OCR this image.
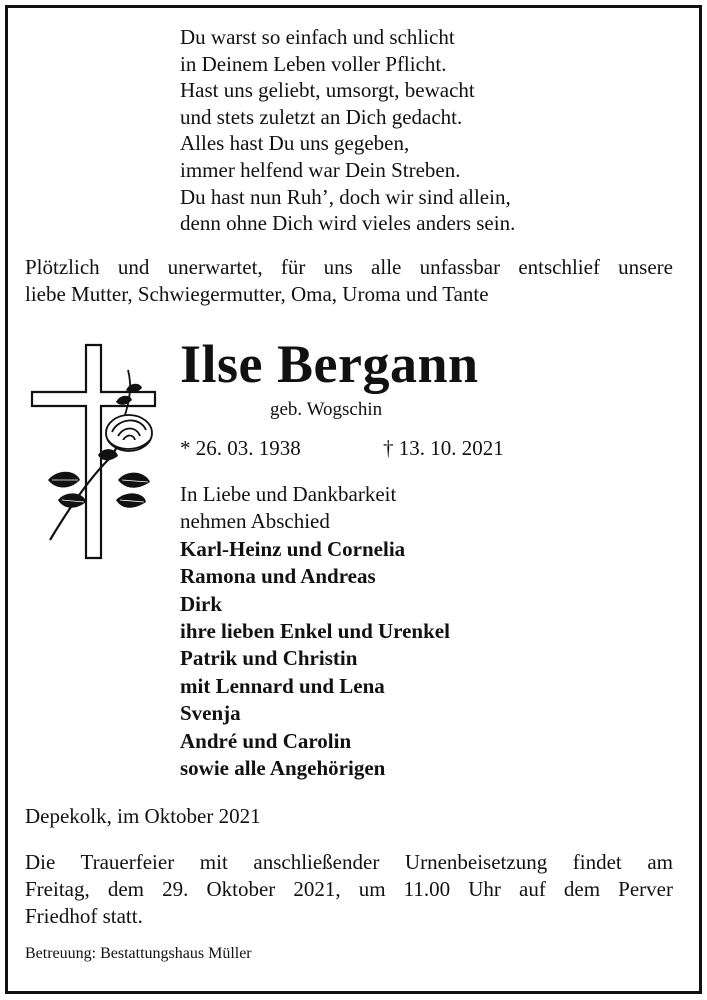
Du warst so einfach und schlicht
in Deinem Leben voller Pflicht.
Hast uns geliebt, umsorgt, bewacht
und stets zuletzt an Dich gedacht.
Alles hast Du uns gegeben,
immer helfend war Dein Streben.
Du hast nun Ruh’, doch wir sind allein,
denn ohne Dich wird vieles anders sein.
Plötzlich und unerwartet, für uns alle unfassbar entschlief unsere
liebe Mutter, Schwiegermutter, Oma, Uroma und Tante
Ilse Bergann
geb. Wogschin
* 26. 03. 1938	† 13. 10. 2021
In Liebe und Dankbarkeit
nehmen Abschied
Karl-Heinz und Cornelia
Ramona und Andreas
Dirk
ihre lieben Enkel und Urenkel
Patrik und Christin
mit Lennard und Lena
Svenja
André und Carolin
sowie alle Angehörigen
Depekolk, im Oktober 2021
Die Trauerfeier mit anschließender Urnenbeisetzung findet am
Freitag, dem 29. Oktober 2021, um 11.00 Uhr auf dem Perver
Friedhof statt.
Betreuung: Bestattungshaus Müller
